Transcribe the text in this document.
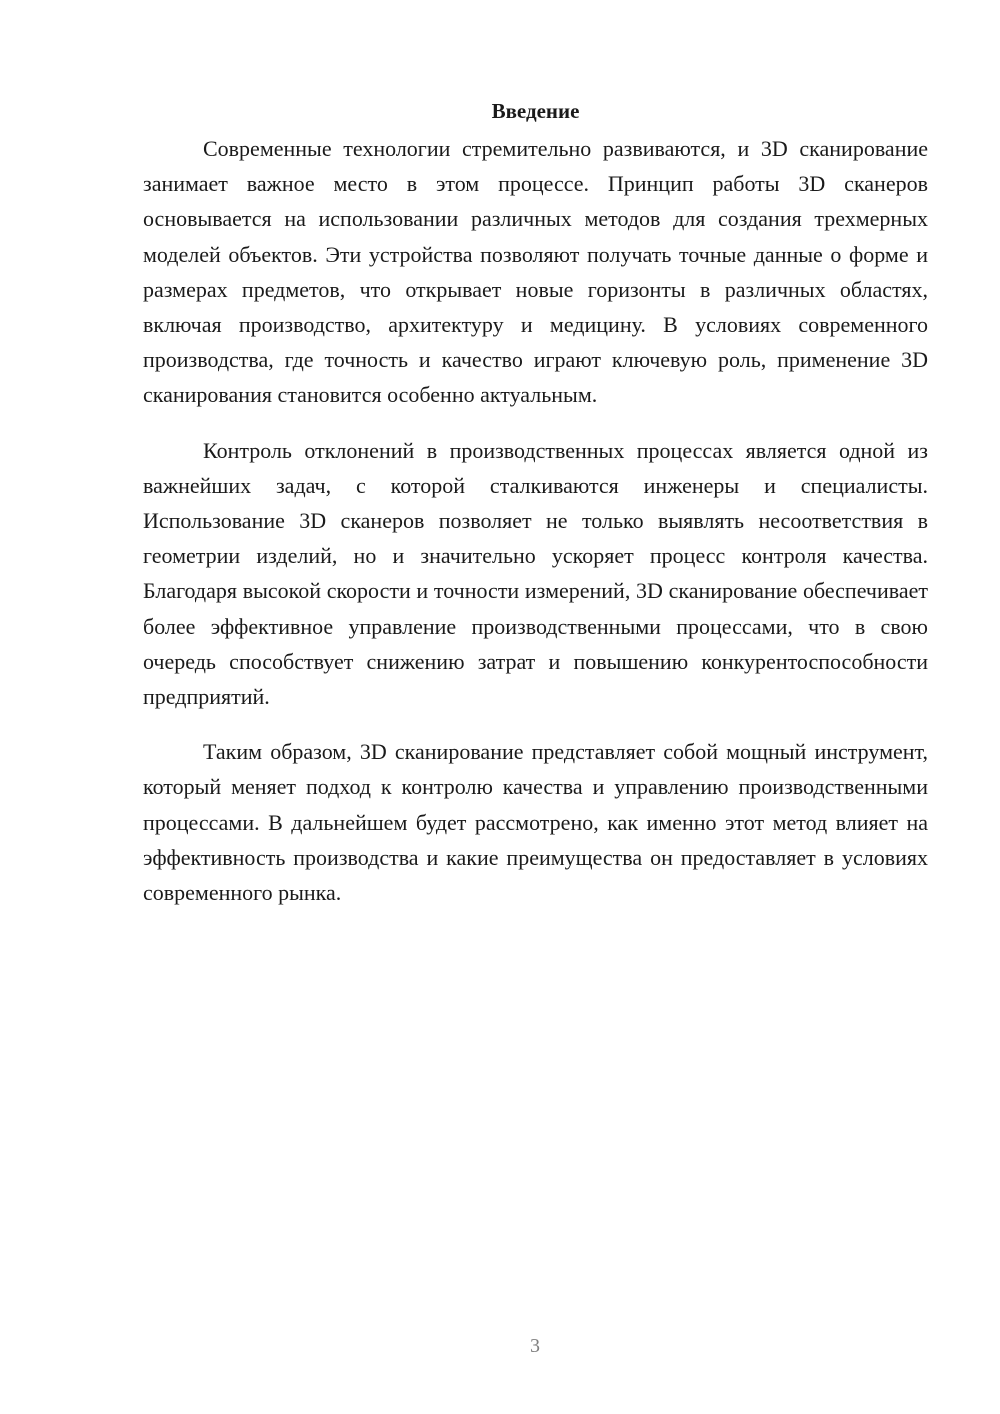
Введение

Современные технологии стремительно развиваются, и 3D сканирование занимает важное место в этом процессе. Принцип работы 3D сканеров основывается на использовании различных методов для создания трехмерных моделей объектов. Эти устройства позволяют получать точные данные о форме и размерах предметов, что открывает новые горизонты в различных областях, включая производство, архитектуру и медицину. В условиях современного производства, где точность и качество играют ключевую роль, применение 3D сканирования становится особенно актуальным.

Контроль отклонений в производственных процессах является одной из важнейших задач, с которой сталкиваются инженеры и специалисты. Использование 3D сканеров позволяет не только выявлять несоответствия в геометрии изделий, но и значительно ускоряет процесс контроля качества. Благодаря высокой скорости и точности измерений, 3D сканирование обеспечивает более эффективное управление производственными процессами, что в свою очередь способствует снижению затрат и повышению конкурентоспособности предприятий.

Таким образом, 3D сканирование представляет собой мощный инструмент, который меняет подход к контролю качества и управлению производственными процессами. В дальнейшем будет рассмотрено, как именно этот метод влияет на эффективность производства и какие преимущества он предоставляет в условиях современного рынка.

3
